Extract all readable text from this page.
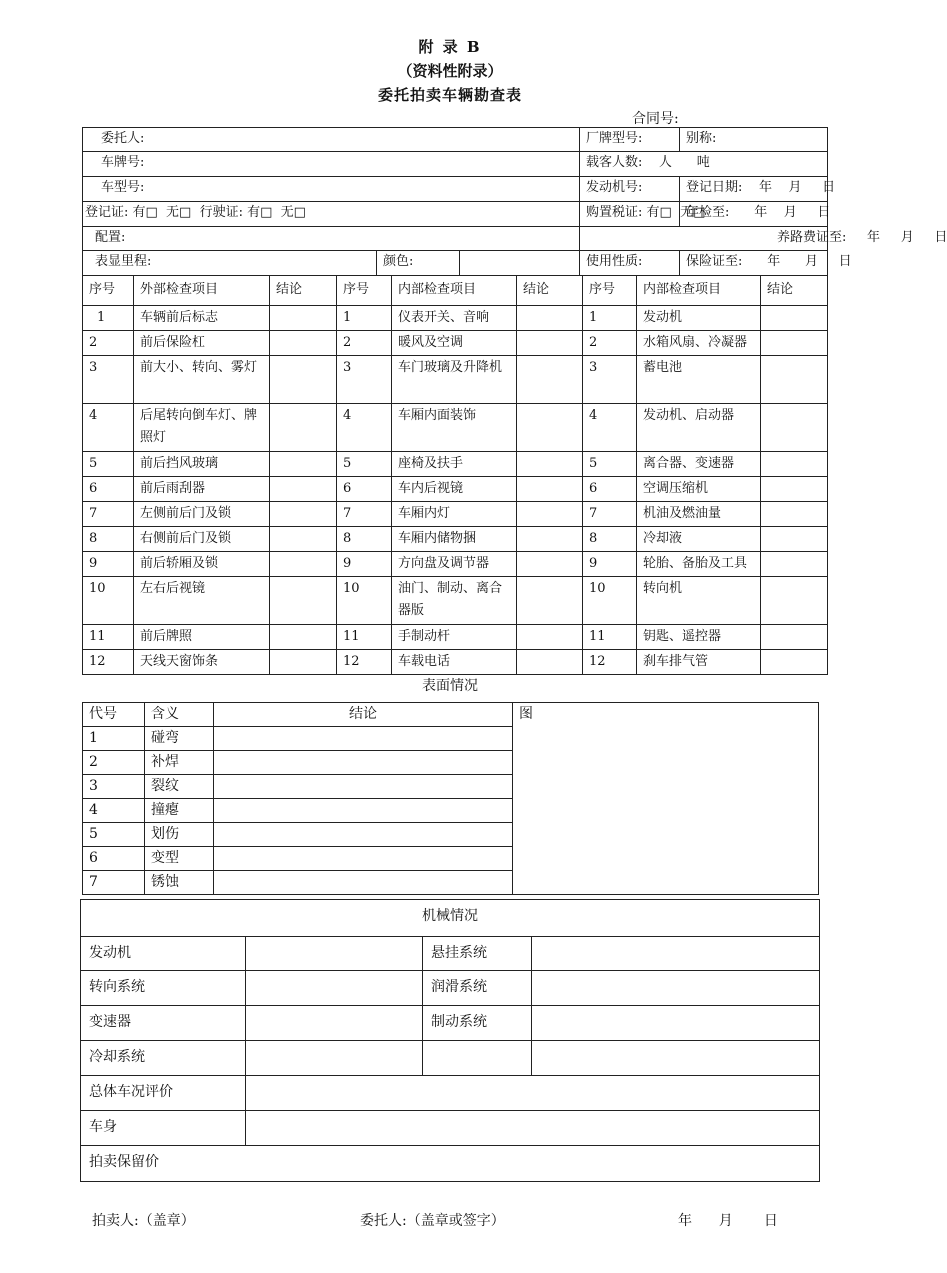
附 录 B
（资料性附录）
委托拍卖车辆勘查表
合同号:
委托人:			厂牌型号:	别称:
车牌号:			载客人数:    人      吨	
车型号:			发动机号:	登记日期:    年    月     日
登记证: 有□  无□  行驶证: 有□  无□			购置税证: 有□  无□	年检至:      年    月     日
配置:			养路费证至:     年     月     日	
表显里程:	颜色:		使用性质:	保险证至:      年      月     日
序号	外部检查项目	结论	序号	内部检查项目	结论	序号	内部检查项目	结论
1	车辆前后标志		1	仪表开关、音响		1	发动机	
2	前后保险杠		2	暖风及空调		2	水箱风扇、冷凝器	
3	前大小、转向、雾灯		3	车门玻璃及升降机		3	蓄电池	
4	后尾转向倒车灯、牌照灯		4	车厢内面装饰		4	发动机、启动器	
5	前后挡风玻璃		5	座椅及扶手		5	离合器、变速器	
6	前后雨刮器		6	车内后视镜		6	空调压缩机	
7	左侧前后门及锁		7	车厢内灯		7	机油及燃油量	
8	右侧前后门及锁		8	车厢内储物捆		8	冷却液	
9	前后轿厢及锁		9	方向盘及调节器		9	轮胎、备胎及工具	
10	左右后视镜		10	油门、制动、离合器版		10	转向机	
11	前后牌照		11	手制动杆		11	钥匙、遥控器	
12	天线天窗饰条		12	车载电话		12	刹车排气管	
表面情况
代号	含义	结论	图
1	碰弯		
2	补焊		
3	裂纹		
4	撞瘪		
5	划伤		
6	变型		
7	锈蚀		
机械情况			
发动机		悬挂系统	
转向系统		润滑系统	
变速器		制动系统	
冷却系统			
总体车况评价			
车身			
拍卖保留价			
拍卖人:（盖章）	委托人:（盖章或签字）	年      月       日
